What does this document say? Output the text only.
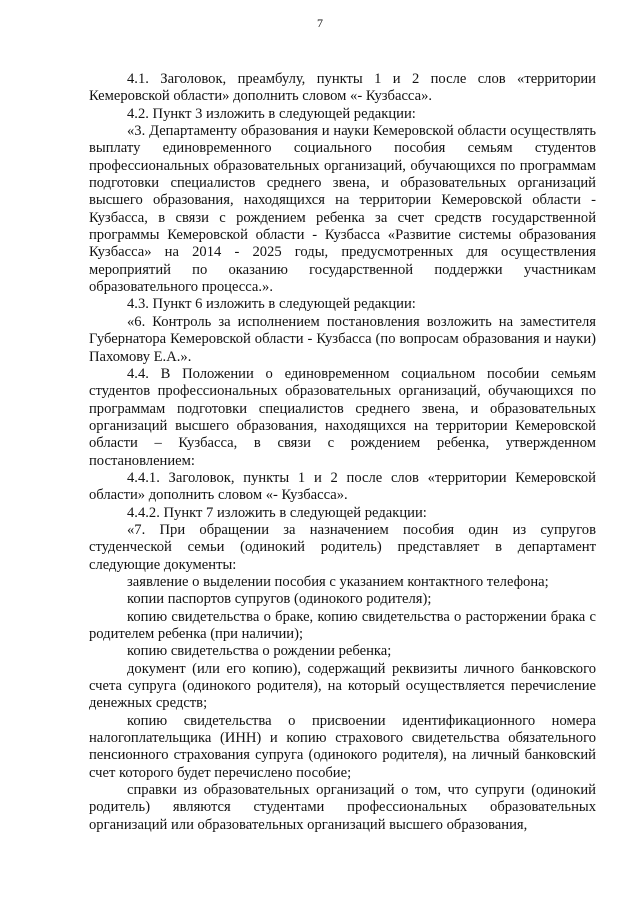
7

4.1. Заголовок, преамбулу, пункты 1 и 2 после слов «территории Кемеровской области» дополнить словом «- Кузбасса».

4.2. Пункт 3 изложить в следующей редакции:

«3. Департаменту образования и науки Кемеровской области осуществлять выплату единовременного социального пособия семьям студентов профессиональных образовательных организаций, обучающихся по программам подготовки специалистов среднего звена, и образовательных организаций высшего образования, находящихся на территории Кемеровской области - Кузбасса, в связи с рождением ребенка за счет средств государственной программы Кемеровской области - Кузбасса «Развитие системы образования Кузбасса» на 2014 - 2025 годы, предусмотренных для осуществления мероприятий по оказанию государственной поддержки участникам образовательного процесса.».

4.3. Пункт 6 изложить в следующей редакции:

«6. Контроль за исполнением постановления возложить на заместителя Губернатора Кемеровской области - Кузбасса (по вопросам образования и науки) Пахомову Е.А.».

4.4. В Положении о единовременном социальном пособии семьям студентов профессиональных образовательных организаций, обучающихся по программам подготовки специалистов среднего звена, и образовательных организаций высшего образования, находящихся на территории Кемеровской области – Кузбасса, в связи с рождением ребенка, утвержденном постановлением:

4.4.1. Заголовок, пункты 1 и 2 после слов «территории Кемеровской области» дополнить словом «- Кузбасса».

4.4.2. Пункт 7 изложить в следующей редакции:

«7. При обращении за назначением пособия один из супругов студенческой семьи (одинокий родитель) представляет в департамент следующие документы:

заявление о выделении пособия с указанием контактного телефона;

копии паспортов супругов (одинокого родителя);

копию свидетельства о браке, копию свидетельства о расторжении брака с родителем ребенка (при наличии);

копию свидетельства о рождении ребенка;

документ (или его копию), содержащий реквизиты личного банковского счета супруга (одинокого родителя), на который осуществляется перечисление денежных средств;

копию свидетельства о присвоении идентификационного номера налогоплательщика (ИНН) и копию страхового свидетельства обязательного пенсионного страхования супруга (одинокого родителя), на личный банковский счет которого будет перечислено пособие;

справки из образовательных организаций о том, что супруги (одинокий родитель) являются студентами профессиональных образовательных организаций или образовательных организаций высшего образования,
